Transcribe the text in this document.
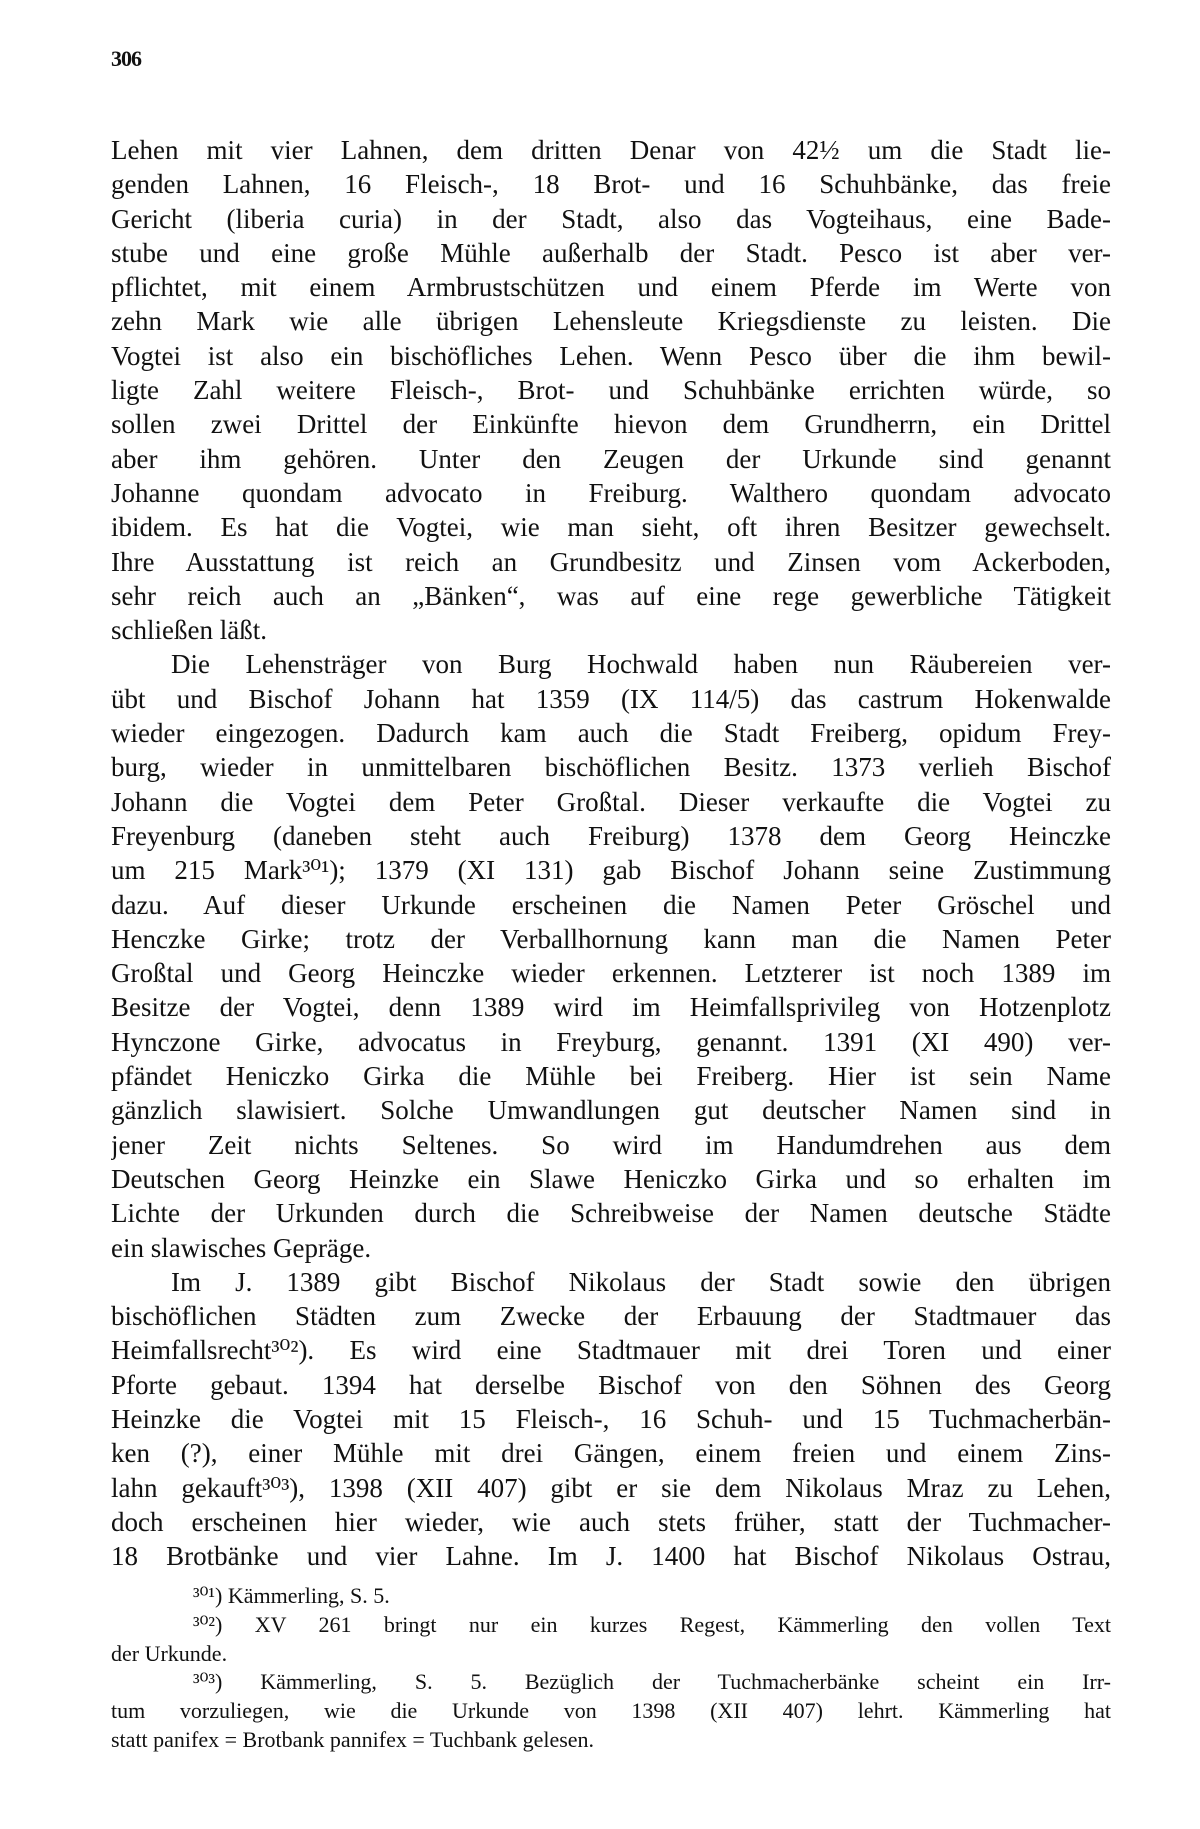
306
Lehen mit vier Lahnen, dem dritten Denar von 42½ um die Stadt lie-
genden Lahnen, 16 Fleisch-, 18 Brot- und 16 Schuhbänke, das freie
Gericht (liberia curia) in der Stadt, also das Vogteihaus, eine Bade-
stube und eine große Mühle außerhalb der Stadt. Pesco ist aber ver-
pflichtet, mit einem Armbrustschützen und einem Pferde im Werte von
zehn Mark wie alle übrigen Lehensleute Kriegsdienste zu leisten. Die
Vogtei ist also ein bischöfliches Lehen. Wenn Pesco über die ihm bewil-
ligte Zahl weitere Fleisch-, Brot- und Schuhbänke errichten würde, so
sollen zwei Drittel der Einkünfte hievon dem Grundherrn, ein Drittel
aber ihm gehören. Unter den Zeugen der Urkunde sind genannt
Johanne quondam advocato in Freiburg. Walthero quondam advocato
ibidem. Es hat die Vogtei, wie man sieht, oft ihren Besitzer gewechselt.
Ihre Ausstattung ist reich an Grundbesitz und Zinsen vom Ackerboden,
sehr reich auch an „Bänken“, was auf eine rege gewerbliche Tätigkeit
schließen läßt.
Die Lehensträger von Burg Hochwald haben nun Räubereien ver-
übt und Bischof Johann hat 1359 (IX 114/5) das castrum Hokenwalde
wieder eingezogen. Dadurch kam auch die Stadt Freiberg, opidum Frey-
burg, wieder in unmittelbaren bischöflichen Besitz. 1373 verlieh Bischof
Johann die Vogtei dem Peter Großtal. Dieser verkaufte die Vogtei zu
Freyenburg (daneben steht auch Freiburg) 1378 dem Georg Heinczke
um 215 Mark³⁰¹); 1379 (XI 131) gab Bischof Johann seine Zustimmung
dazu. Auf dieser Urkunde erscheinen die Namen Peter Gröschel und
Henczke Girke; trotz der Verballhornung kann man die Namen Peter
Großtal und Georg Heinczke wieder erkennen. Letzterer ist noch 1389 im
Besitze der Vogtei, denn 1389 wird im Heimfallsprivileg von Hotzenplotz
Hynczone Girke, advocatus in Freyburg, genannt. 1391 (XI 490) ver-
pfändet Heniczko Girka die Mühle bei Freiberg. Hier ist sein Name
gänzlich slawisiert. Solche Umwandlungen gut deutscher Namen sind in
jener Zeit nichts Seltenes. So wird im Handumdrehen aus dem
Deutschen Georg Heinzke ein Slawe Heniczko Girka und so erhalten im
Lichte der Urkunden durch die Schreibweise der Namen deutsche Städte
ein slawisches Gepräge.
Im J. 1389 gibt Bischof Nikolaus der Stadt sowie den übrigen
bischöflichen Städten zum Zwecke der Erbauung der Stadtmauer das
Heimfallsrecht³⁰²). Es wird eine Stadtmauer mit drei Toren und einer
Pforte gebaut. 1394 hat derselbe Bischof von den Söhnen des Georg
Heinzke die Vogtei mit 15 Fleisch-, 16 Schuh- und 15 Tuchmacherbän-
ken (?), einer Mühle mit drei Gängen, einem freien und einem Zins-
lahn gekauft³⁰³), 1398 (XII 407) gibt er sie dem Nikolaus Mraz zu Lehen,
doch erscheinen hier wieder, wie auch stets früher, statt der Tuchmacher-
18 Brotbänke und vier Lahne. Im J. 1400 hat Bischof Nikolaus Ostrau,
³⁰¹) Kämmerling, S. 5.
³⁰²) XV 261 bringt nur ein kurzes Regest, Kämmerling den vollen Text
der Urkunde.
³⁰³) Kämmerling, S. 5. Bezüglich der Tuchmacherbänke scheint ein Irr-
tum vorzuliegen, wie die Urkunde von 1398 (XII 407) lehrt. Kämmerling hat
statt panifex = Brotbank pannifex = Tuchbank gelesen.
